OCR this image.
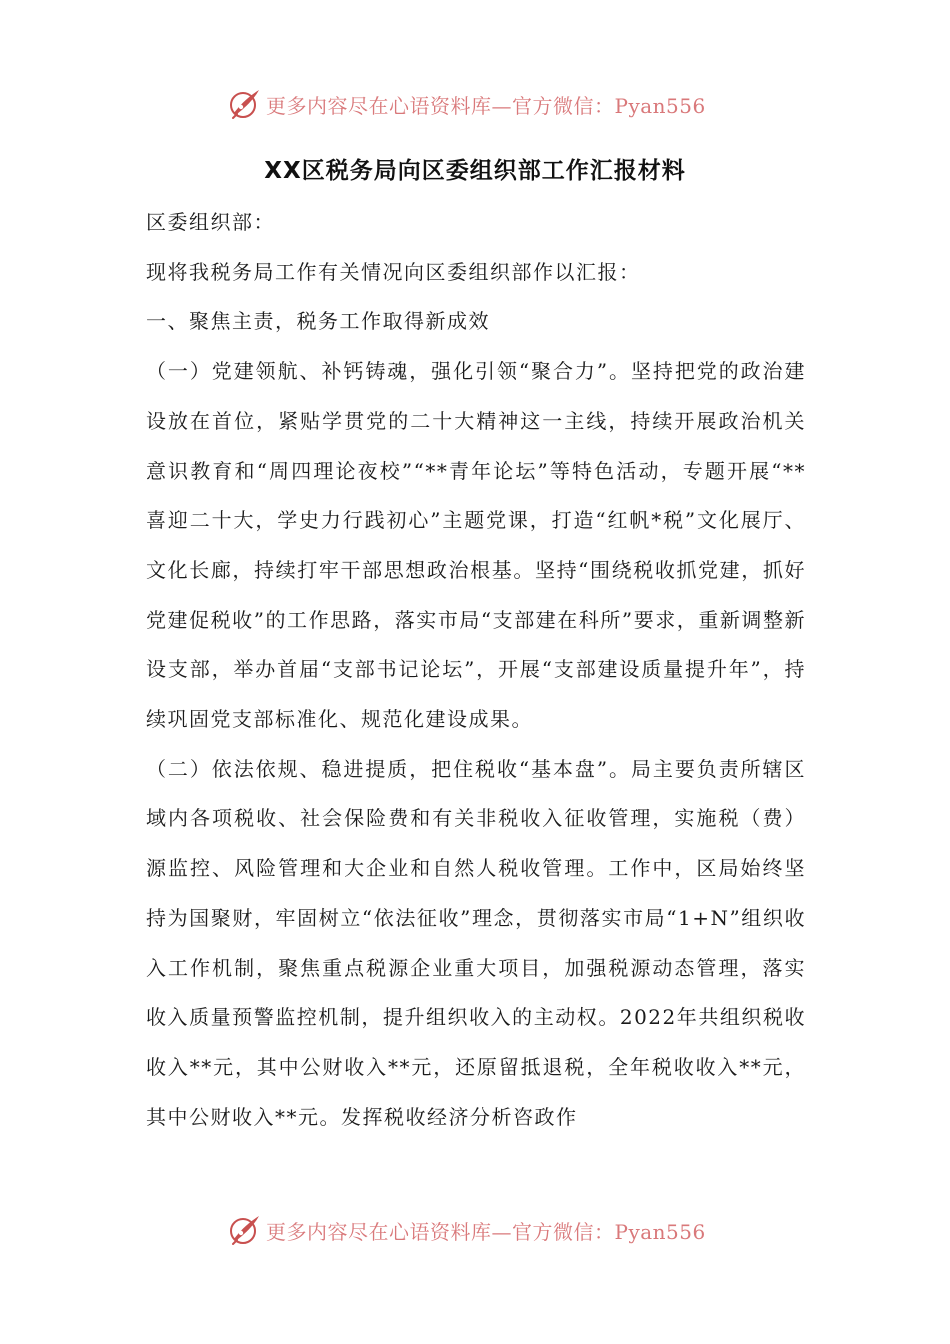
更多内容尽在心语资料库—官方微信：Pyan556
XX区税务局向区委组织部工作汇报材料

区委组织部：

现将我税务局工作有关情况向区委组织部作以汇报：

一、聚焦主责，税务工作取得新成效

（一）党建领航、补钙铸魂，强化引领“聚合力”。坚持把党的政治建设放在首位，紧贴学贯党的二十大精神这一主线，持续开展政治机关意识教育和“周四理论夜校”“**青年论坛”等特色活动，专题开展“**喜迎二十大，学史力行践初心”主题党课，打造“红帆*税”文化展厅、文化长廊，持续打牢干部思想政治根基。坚持“围绕税收抓党建，抓好党建促税收”的工作思路，落实市局“支部建在科所”要求，重新调整新设支部，举办首届“支部书记论坛”，开展“支部建设质量提升年”，持续巩固党支部标准化、规范化建设成果。

（二）依法依规、稳进提质，把住税收“基本盘”。局主要负责所辖区域内各项税收、社会保险费和有关非税收入征收管理，实施税（费）源监控、风险管理和大企业和自然人税收管理。工作中，区局始终坚持为国聚财，牢固树立“依法征收”理念，贯彻落实市局“1+N”组织收入工作机制，聚焦重点税源企业重大项目，加强税源动态管理，落实收入质量预警监控机制，提升组织收入的主动权。2022年共组织税收收入**元，其中公财收入**元，还原留抵退税，全年税收收入**元，其中公财收入**元。发挥税收经济分析咨政作

更多内容尽在心语资料库—官方微信：Pyan556
